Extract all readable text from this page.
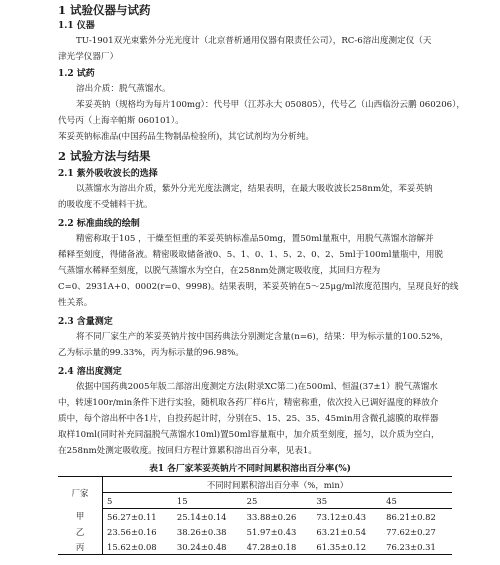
1 试验仪器与试药
1.1 仪器
TU-1901双光束紫外分光光度计（北京普析通用仪器有限责任公司），RC-6溶出度测定仪（天
津光学仪器厂）
1.2 试药
溶出介质：脱气蒸馏水。
苯妥英钠（规格均为每片100mg）：代号甲（江苏永大 050805），代号乙（山西临汾云鹏 060206），
代号丙（上海辛帕斯 060101）。
苯妥英钠标准品(中国药品生物制品检验所)，其它试剂均为分析纯。
2 试验方法与结果
2.1 紫外吸收波长的选择
以蒸馏水为溶出介质，紫外分光光度法测定，结果表明，在最大吸收波长258nm处，苯妥英钠
的吸收度不受辅料干扰。
2.2 标准曲线的绘制
精密称取于105 ，干燥至恒重的苯妥英钠标准品50mg，置50ml量瓶中，用脱气蒸馏水溶解并
稀释至刻度，得储备液。精密吸取储备液0、5、1、0、1、5、2、0、2、5ml于100ml量瓶中，用脱
气蒸馏水稀释至刻度，以脱气蒸馏水为空白，在258nm处测定吸收度，其回归方程为
C=0、2931A+0、0002(r=0、9998)。结果表明，苯妥英钠在5～25μg/ml浓度范围内，呈现良好的线
性关系。
2.3 含量测定
将不同厂家生产的苯妥英钠片按中国药典法分别测定含量(n=6)，结果：甲为标示量的100.52%，
乙为标示量的99.33%，丙为标示量的96.98%。
2.4 溶出度测定
依据中国药典2005年版二部溶出度测定方法(附录XC第二)在500ml、恒温(37±1）脱气蒸馏水
中，转速100r/min条件下进行实验，随机取各药厂样6片，精密称重，依次投入已调好温度的释放介
质中，每个溶出杯中各1片，自投药起计时，分别在5、15、25、35、45min用含微孔滤膜的取样器
取样10ml(同时补充同温脱气蒸馏水10ml)置50ml容量瓶中，加介质至刻度，摇匀，以介质为空白，
在258nm处测定吸收度。按回归方程计算累积溶出百分率，见表1。
表1 各厂家苯妥英钠片不同时间累积溶出百分率(%)
厂家	不同时间累积溶出百分率（%，min）				
	5	15	25	35	45
甲	56.27±0.11	25.14±0.14	33.88±0.26	73.12±0.43	86.21±0.82
乙	23.56±0.16	38.26±0.38	51.97±0.43	63.21±0.54	77.62±0.27
丙	15.62±0.08	30.24±0.48	47.28±0.18	61.35±0.12	76.23±0.31
